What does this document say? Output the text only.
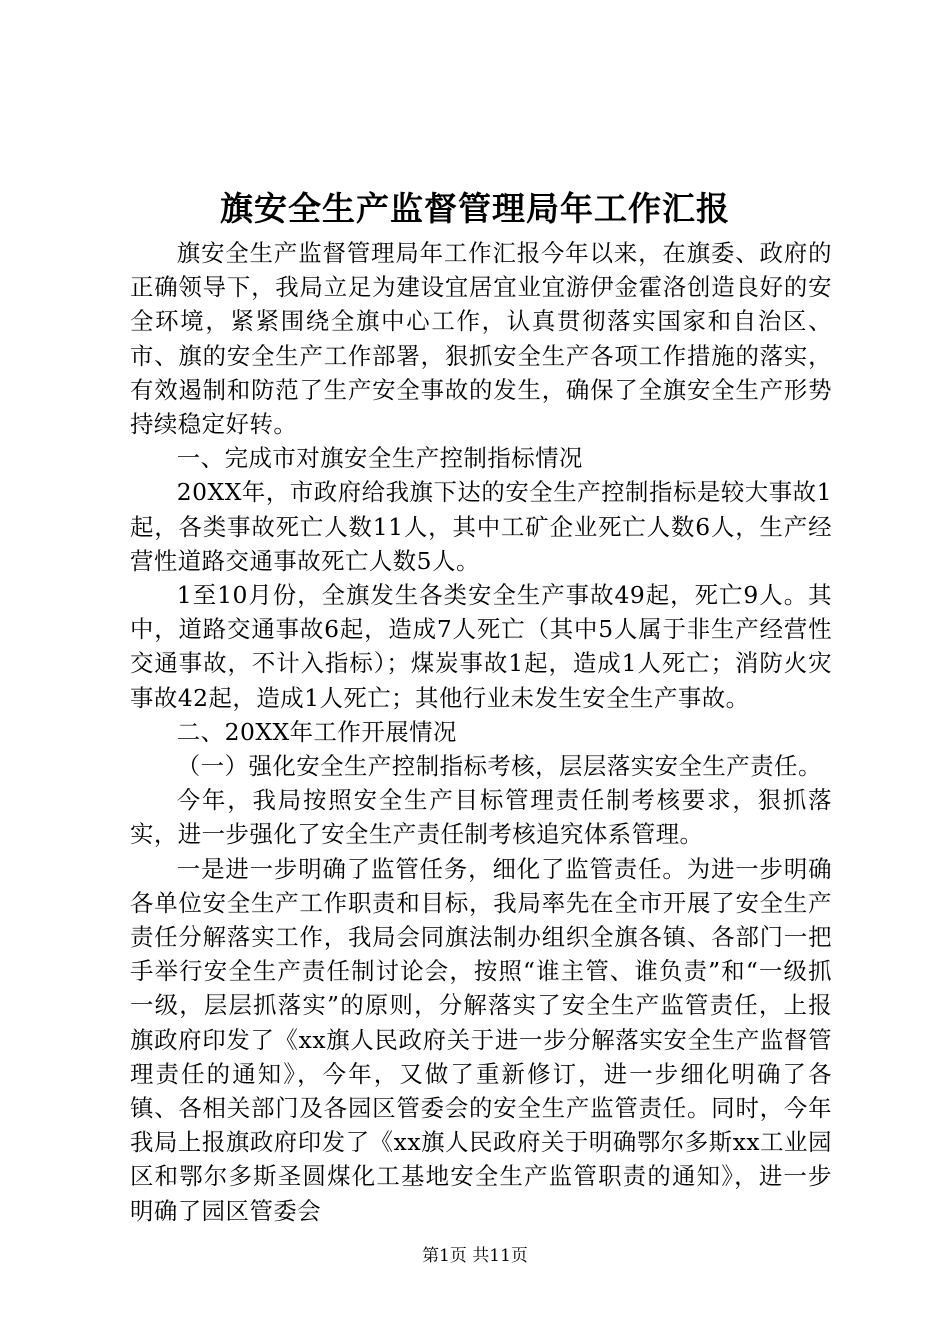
旗安全生产监督管理局年工作汇报

旗安全生产监督管理局年工作汇报今年以来，在旗委、政府的正确领导下，我局立足为建设宜居宜业宜游伊金霍洛创造良好的安全环境，紧紧围绕全旗中心工作，认真贯彻落实国家和自治区、市、旗的安全生产工作部署，狠抓安全生产各项工作措施的落实，有效遏制和防范了生产安全事故的发生，确保了全旗安全生产形势持续稳定好转。

一、完成市对旗安全生产控制指标情况

20XX年，市政府给我旗下达的安全生产控制指标是较大事故1起，各类事故死亡人数11人，其中工矿企业死亡人数6人，生产经营性道路交通事故死亡人数5人。

1至10月份，全旗发生各类安全生产事故49起，死亡9人。其中，道路交通事故6起，造成7人死亡（其中5人属于非生产经营性交通事故，不计入指标）；煤炭事故1起，造成1人死亡；消防火灾事故42起，造成1人死亡；其他行业未发生安全生产事故。

二、20XX年工作开展情况

（一）强化安全生产控制指标考核，层层落实安全生产责任。

今年，我局按照安全生产目标管理责任制考核要求，狠抓落实，进一步强化了安全生产责任制考核追究体系管理。

一是进一步明确了监管任务，细化了监管责任。为进一步明确各单位安全生产工作职责和目标，我局率先在全市开展了安全生产责任分解落实工作，我局会同旗法制办组织全旗各镇、各部门一把手举行安全生产责任制讨论会，按照“谁主管、谁负责”和“一级抓一级，层层抓落实”的原则，分解落实了安全生产监管责任，上报旗政府印发了《xx旗人民政府关于进一步分解落实安全生产监督管理责任的通知》，今年，又做了重新修订，进一步细化明确了各镇、各相关部门及各园区管委会的安全生产监管责任。同时，今年我局上报旗政府印发了《xx旗人民政府关于明确鄂尔多斯xx工业园区和鄂尔多斯圣圆煤化工基地安全生产监管职责的通知》，进一步明确了园区管委会

第1页 共11页
